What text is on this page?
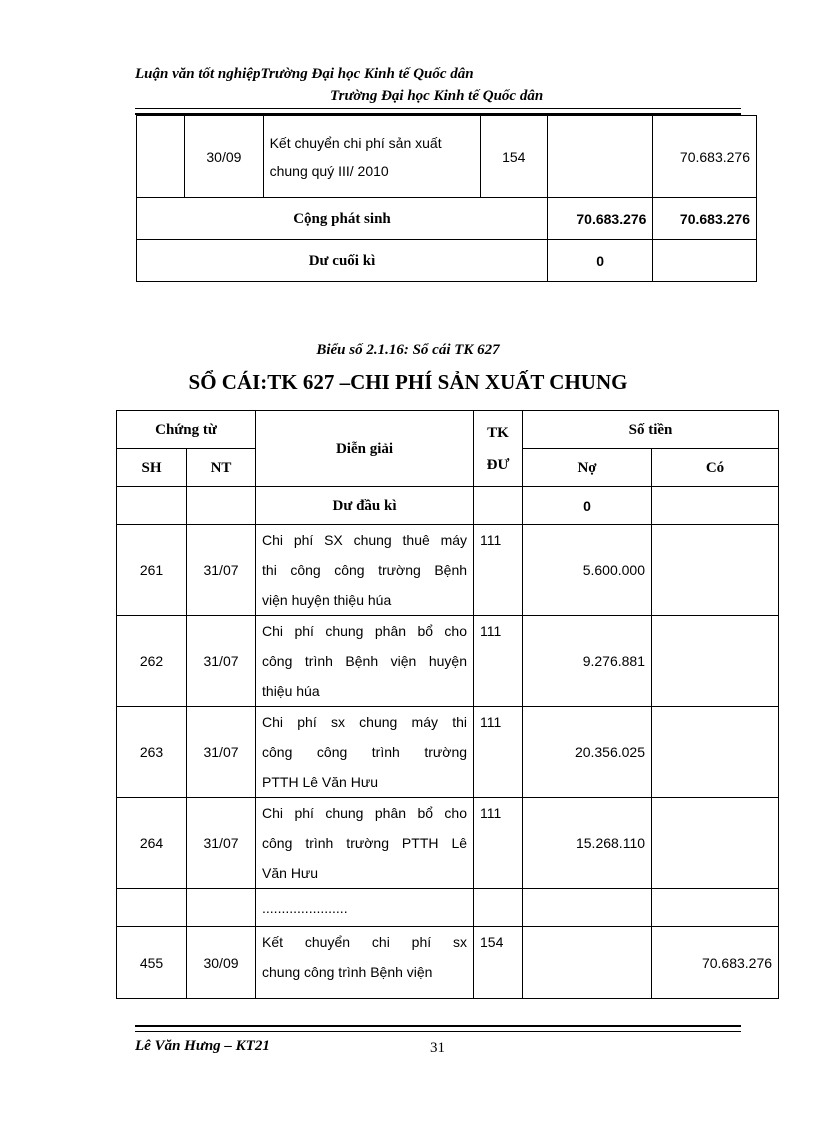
Luận văn tốt nghiệpTrường Đại học Kinh tế Quốc dân
Trường Đại học Kinh tế Quốc dân
	30/09	Kết chuyển chi phí sản xuất
chung quý III/ 2010	154		70.683.276
Cộng phát sinh				70.683.276	70.683.276
Dư cuối kì				0	
Biểu số 2.1.16: Sổ cái TK 627
SỔ CÁI:TK 627 –CHI PHÍ SẢN XUẤT CHUNG
Chứng từ		Diễn giải	TK
ĐƯ	Số tiền	
SH	NT			Nợ	Có
		Dư đầu kì		0	
261	31/07	Chi phí SX chung thuê máy
thi công công trường Bệnh
viện huyện thiệu húa	111	5.600.000	
262	31/07	Chi phí chung phân bổ cho
công trình Bệnh viện huyện
thiệu húa	111	9.276.881	
263	31/07	Chi phí sx chung máy thi
công công trình trường
PTTH Lê Văn Hưu	111	20.356.025	
264	31/07	Chi phí chung phân bổ cho
công trình trường PTTH Lê
Văn Hưu	111	15.268.110	
		......................			
455	30/09	Kết chuyển chi phí sx
chung công trình Bệnh viện	154		70.683.276
Lê Văn Hưng – KT21	31
